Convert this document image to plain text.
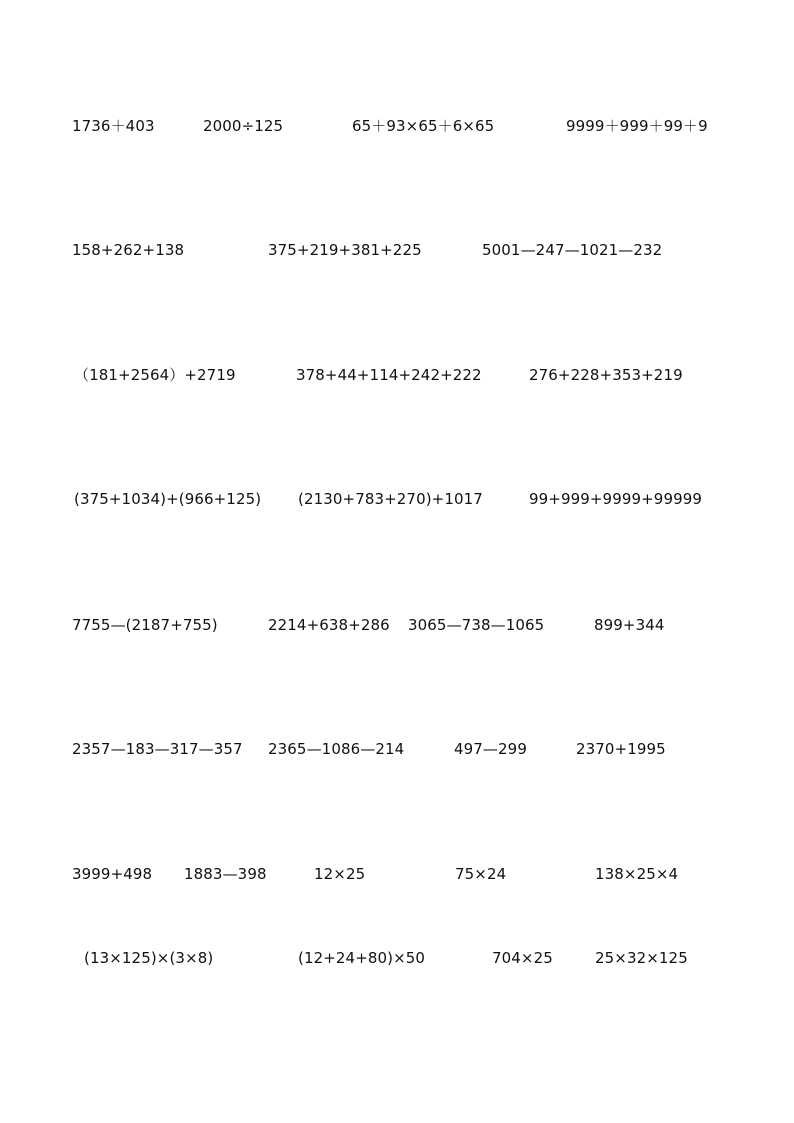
1736＋403	2000÷125	65＋93×65＋6×65	9999＋999＋99＋9
158+262+138	375+219+381+225	5001—247—1021—232
（181+2564）+2719	378+44+114+242+222	276+228+353+219
(375+1034)+(966+125) (2130+783+270)+1017	99+999+9999+99999
7755—(2187+755)	2214+638+286 3065—738—1065	899+344
2357—183—317—357 2365—1086—214	497—299	2370+1995
3999+498 1883—398	12×25	75×24	138×25×4
(13×125)×(3×8)	(12+24+80)×50	704×25	25×32×125
